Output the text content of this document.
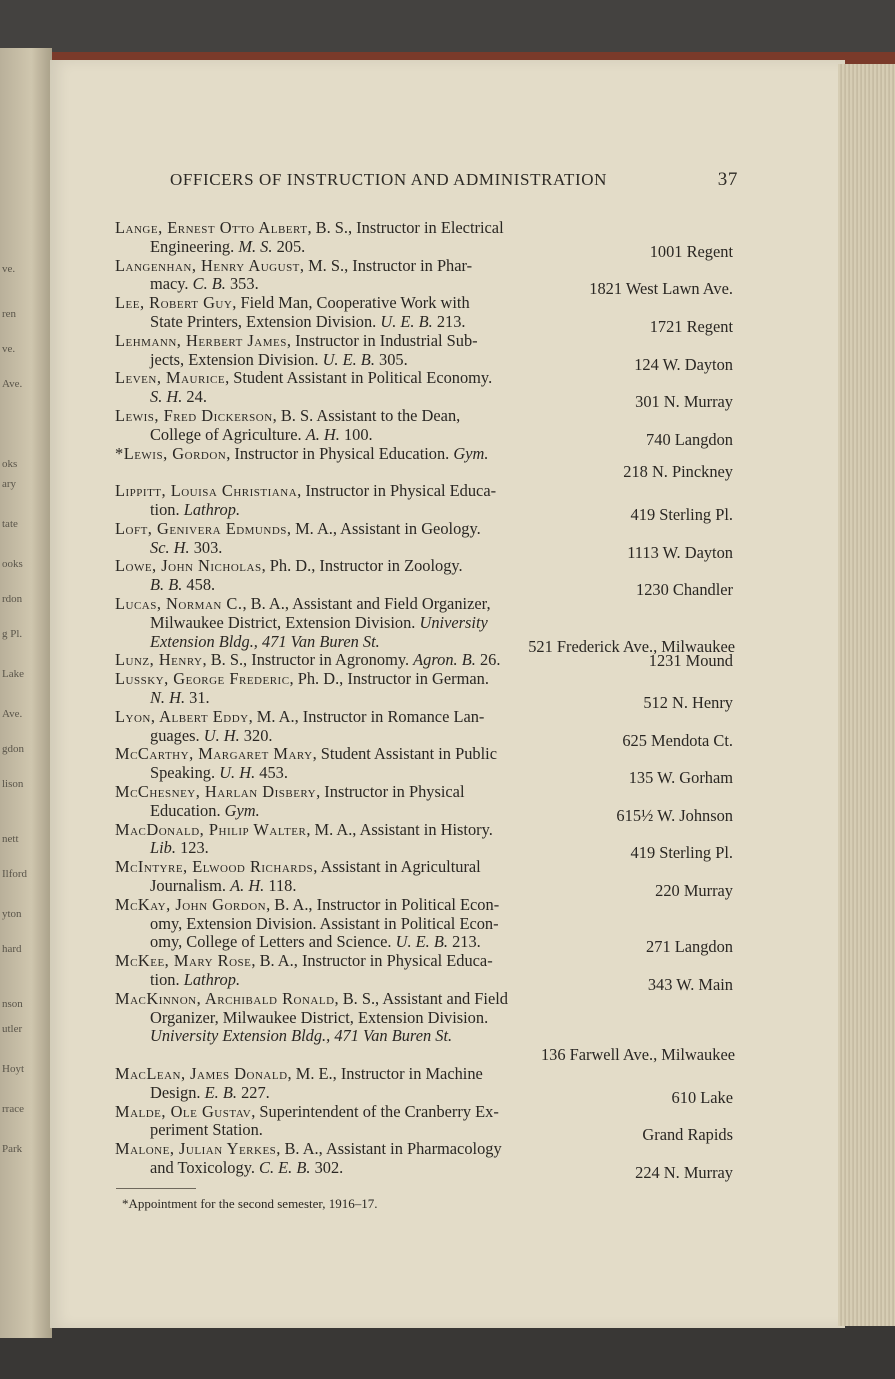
ve.
ren
ve.
Ave.
oks
ary
tate
ooks
rdon
g Pl.
Lake
Ave.
gdon
lison
nett
Ilford
yton
hard
nson
utler
Hoyt
rrace
Park
OFFICERS OF INSTRUCTION AND ADMINISTRATION	37
Lange, Ernest Otto Albert, B. S., Instructor in Electrical
Engineering. M. S. 205.	1001 Regent
Langenhan, Henry August, M. S., Instructor in Phar-
macy. C. B. 353.	1821 West Lawn Ave.
Lee, Robert Guy, Field Man, Cooperative Work with
State Printers, Extension Division. U. E. B. 213.	1721 Regent
Lehmann, Herbert James, Instructor in Industrial Sub-
jects, Extension Division. U. E. B. 305.	124 W. Dayton
Leven, Maurice, Student Assistant in Political Economy.
S. H. 24.	301 N. Murray
Lewis, Fred Dickerson, B. S. Assistant to the Dean,
College of Agriculture. A. H. 100.	740 Langdon
*Lewis, Gordon, Instructor in Physical Education. Gym.
218 N. Pinckney
Lippitt, Louisa Christiana, Instructor in Physical Educa-
tion. Lathrop.	419 Sterling Pl.
Loft, Genivera Edmunds, M. A., Assistant in Geology.
Sc. H. 303.	1113 W. Dayton
Lowe, John Nicholas, Ph. D., Instructor in Zoology.
B. B. 458.	1230 Chandler
Lucas, Norman C., B. A., Assistant and Field Organizer,
Milwaukee District, Extension Division. University
Extension Bldg., 471 Van Buren St.	521 Frederick Ave., Milwaukee
Lunz, Henry, B. S., Instructor in Agronomy. Agron. B. 26.	1231 Mound
Lussky, George Frederic, Ph. D., Instructor in German.
N. H. 31.	512 N. Henry
Lyon, Albert Eddy, M. A., Instructor in Romance Lan-
guages. U. H. 320.	625 Mendota Ct.
McCarthy, Margaret Mary, Student Assistant in Public
Speaking. U. H. 453.	135 W. Gorham
McChesney, Harlan Disbery, Instructor in Physical
Education. Gym.	615½ W. Johnson
MacDonald, Philip Walter, M. A., Assistant in History.
Lib. 123.	419 Sterling Pl.
McIntyre, Elwood Richards, Assistant in Agricultural
Journalism. A. H. 118.	220 Murray
McKay, John Gordon, B. A., Instructor in Political Econ-
omy, Extension Division. Assistant in Political Econ-
omy, College of Letters and Science. U. E. B. 213.	271 Langdon
McKee, Mary Rose, B. A., Instructor in Physical Educa-
tion. Lathrop.	343 W. Main
MacKinnon, Archibald Ronald, B. S., Assistant and Field
Organizer, Milwaukee District, Extension Division.
University Extension Bldg., 471 Van Buren St.
136 Farwell Ave., Milwaukee
MacLean, James Donald, M. E., Instructor in Machine
Design. E. B. 227.	610 Lake
Malde, Ole Gustav, Superintendent of the Cranberry Ex-
periment Station.	Grand Rapids
Malone, Julian Yerkes, B. A., Assistant in Pharmacology
and Toxicology. C. E. B. 302.	224 N. Murray
*Appointment for the second semester, 1916–17.
